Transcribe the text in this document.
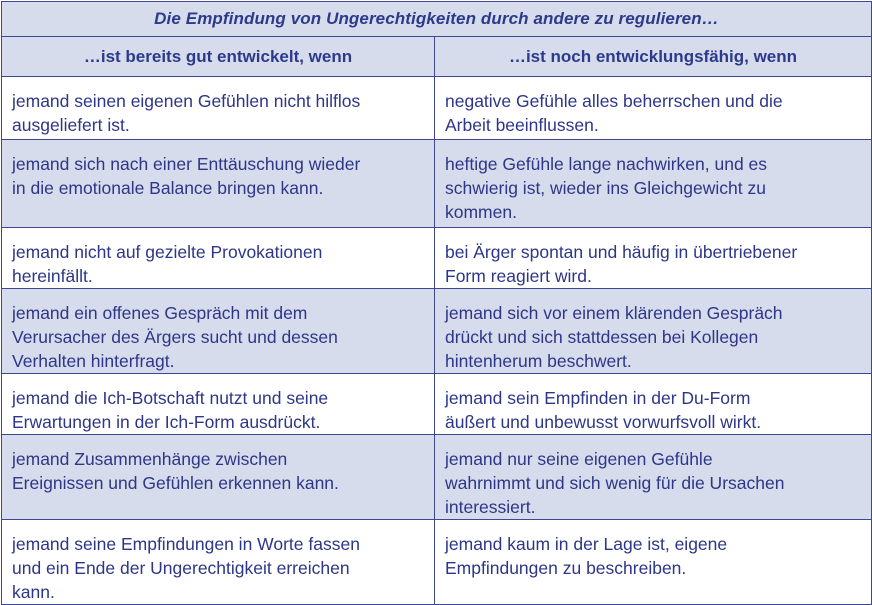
Die Empfindung von Ungerechtigkeiten durch andere zu regulieren…	
…ist bereits gut entwickelt, wenn	…ist noch entwicklungsfähig, wenn

jemand seinen eigenen Gefühlen nicht hilflos
ausgeliefert ist.	negative Gefühle alles beherrschen und die
Arbeit beeinflussen.

jemand sich nach einer Enttäuschung wieder
in die emotionale Balance bringen kann.	heftige Gefühle lange nachwirken, und es
schwierig ist, wieder ins Gleichgewicht zu
kommen.

jemand nicht auf gezielte Provokationen
hereinfällt.	bei Ärger spontan und häufig in übertriebener
Form reagiert wird.

jemand ein offenes Gespräch mit dem
Verursacher des Ärgers sucht und dessen
Verhalten hinterfragt.	jemand sich vor einem klärenden Gespräch
drückt und sich stattdessen bei Kollegen
hintenherum beschwert.

jemand die Ich-Botschaft nutzt und seine
Erwartungen in der Ich-Form ausdrückt.	jemand sein Empfinden in der Du-Form
äußert und unbewusst vorwurfsvoll wirkt.

jemand Zusammenhänge zwischen
Ereignissen und Gefühlen erkennen kann.	jemand nur seine eigenen Gefühle
wahrnimmt und sich wenig für die Ursachen
interessiert.

jemand seine Empfindungen in Worte fassen
und ein Ende der Ungerechtigkeit erreichen
kann.	jemand kaum in der Lage ist, eigene
Empfindungen zu beschreiben.
